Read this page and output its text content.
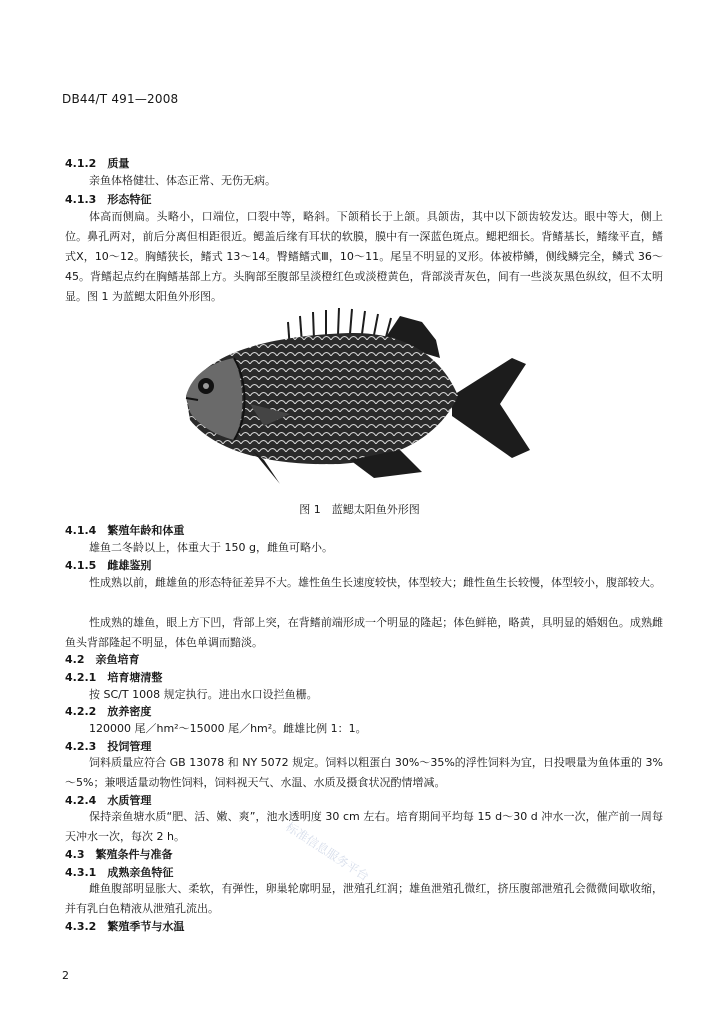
DB44/T 491—2008
4.1.2　质量
亲鱼体格健壮、体态正常、无伤无病。
4.1.3　形态特征
体高而侧扁。头略小，口端位，口裂中等，略斜。下颌稍长于上颌。具颌齿，其中以下颌齿较发达。眼中等大，侧上位。鼻孔两对，前后分离但相距很近。鳃盖后缘有耳状的软膜，膜中有一深蓝色斑点。鳃耙细长。背鳍基长，鳍缘平直，鳍式Ⅹ，10～12。胸鳍狭长，鳍式 13～14。臀鳍鳍式Ⅲ，10～11。尾呈不明显的叉形。体被栉鳞，侧线鳞完全，鳞式 36～45。背鳍起点约在胸鳍基部上方。头胸部至腹部呈淡橙红色或淡橙黄色，背部淡青灰色，间有一些淡灰黑色纵纹，但不太明显。图 1 为蓝鳃太阳鱼外形图。
图 1　蓝鳃太阳鱼外形图
4.1.4　繁殖年龄和体重
雄鱼二冬龄以上，体重大于 150 g，雌鱼可略小。
4.1.5　雌雄鉴别
性成熟以前，雌雄鱼的形态特征差异不大。雄性鱼生长速度较快，体型较大；雌性鱼生长较慢，体型较小，腹部较大。
性成熟的雄鱼，眼上方下凹，背部上突，在背鳍前端形成一个明显的隆起；体色鲜艳，略黄，具明显的婚姻色。成熟雌鱼头背部隆起不明显，体色单调而黯淡。
4.2　亲鱼培育
4.2.1　培育塘清整
按 SC/T 1008 规定执行。进出水口设拦鱼栅。
4.2.2　放养密度
120000 尾／hm²～15000 尾／hm²。雌雄比例 1：1。
4.2.3　投饲管理
饲料质量应符合 GB 13078 和 NY 5072 规定。饲料以粗蛋白 30%～35%的浮性饲料为宜，日投喂量为鱼体重的 3%～5%；兼喂适量动物性饲料，饲料视天气、水温、水质及摄食状况酌情增减。
4.2.4　水质管理
保持亲鱼塘水质“肥、活、嫩、爽”，池水透明度 30 cm 左右。培育期间平均每 15 d～30 d 冲水一次，催产前一周每天冲水一次，每次 2 h。
4.3　繁殖条件与准备
4.3.1　成熟亲鱼特征
雌鱼腹部明显胀大、柔软，有弹性，卵巢轮廓明显，泄殖孔红润；雄鱼泄殖孔微红，挤压腹部泄殖孔会微微间歇收缩，并有乳白色精液从泄殖孔流出。
4.3.2　繁殖季节与水温
标准信息服务平台
2
